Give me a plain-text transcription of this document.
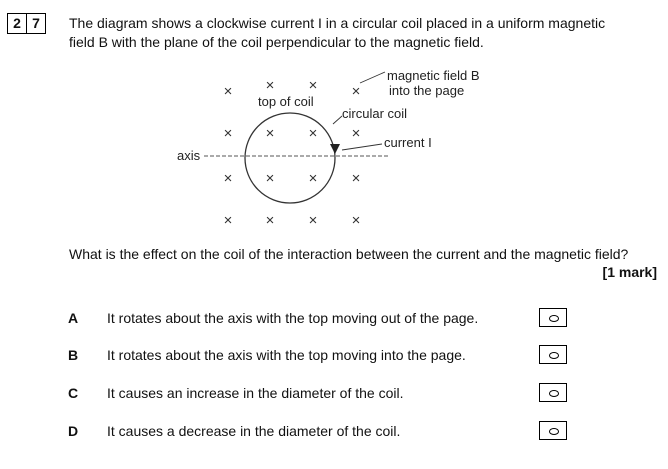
2 7	The diagram shows a clockwise current I in a circular coil placed in a uniform magnetic
field B with the plane of the coil perpendicular to the magnetic field.
× × × ×
× × × ×
× × × ×
× × × ×
axis
top of coil
magnetic field B
into the page
circular coil
current I
What is the effect on the coil of the interaction between the current and the magnetic field?
[1 mark]
A It rotates about the axis with the top moving out of the page.
B It rotates about the axis with the top moving into the page.
C It causes an increase in the diameter of the coil.
D It causes a decrease in the diameter of the coil.
